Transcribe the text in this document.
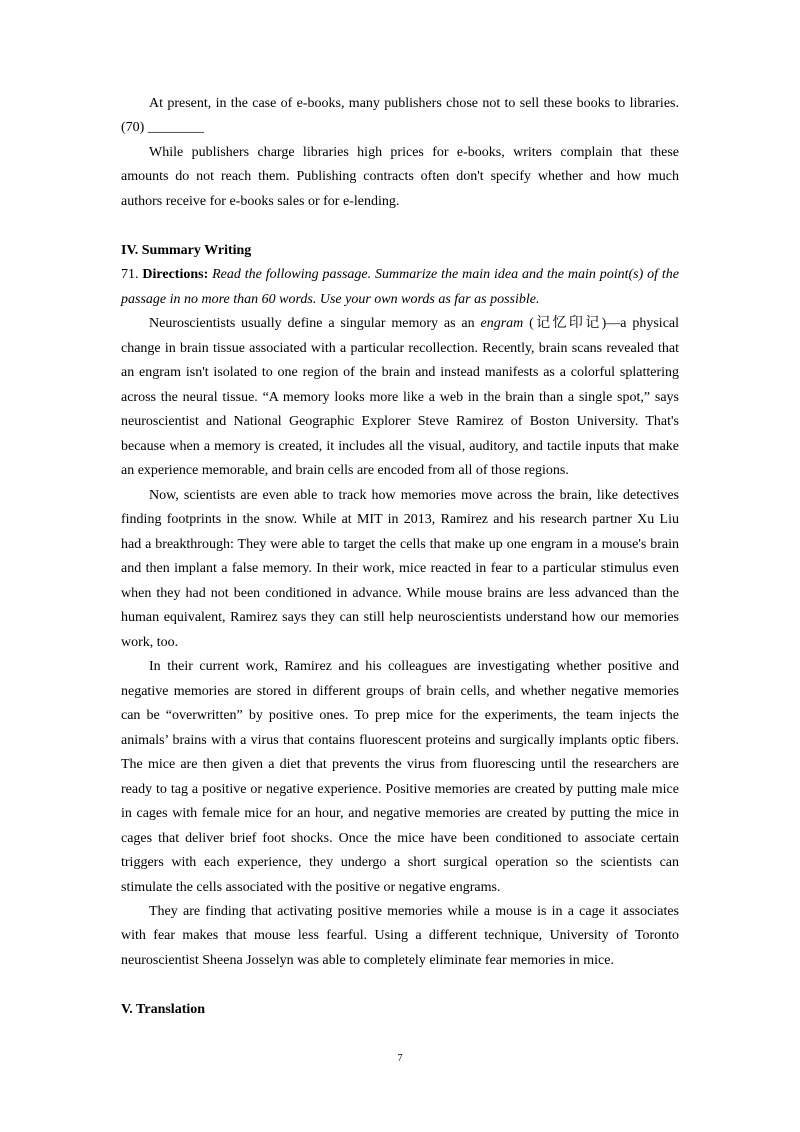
At present, in the case of e-books, many publishers chose not to sell these books to libraries.
(70) ________
While publishers charge libraries high prices for e-books, writers complain that these
amounts do not reach them. Publishing contracts often don't specify whether and how much
authors receive for e-books sales or for e-lending.
IV. Summary Writing
71. Directions: Read the following passage. Summarize the main idea and the main point(s) of the
passage in no more than 60 words. Use your own words as far as possible.
Neuroscientists usually define a singular memory as an engram (记忆印记)—a physical
change in brain tissue associated with a particular recollection. Recently, brain scans revealed that
an engram isn't isolated to one region of the brain and instead manifests as a colorful splattering
across the neural tissue. “A memory looks more like a web in the brain than a single spot,” says
neuroscientist and National Geographic Explorer Steve Ramirez of Boston University. That's
because when a memory is created, it includes all the visual, auditory, and tactile inputs that make
an experience memorable, and brain cells are encoded from all of those regions.
Now, scientists are even able to track how memories move across the brain, like detectives
finding footprints in the snow. While at MIT in 2013, Ramirez and his research partner Xu Liu
had a breakthrough: They were able to target the cells that make up one engram in a mouse's brain
and then implant a false memory. In their work, mice reacted in fear to a particular stimulus even
when they had not been conditioned in advance. While mouse brains are less advanced than the
human equivalent, Ramirez says they can still help neuroscientists understand how our memories
work, too.
In their current work, Ramirez and his colleagues are investigating whether positive and
negative memories are stored in different groups of brain cells, and whether negative memories
can be “overwritten” by positive ones. To prep mice for the experiments, the team injects the
animals’ brains with a virus that contains fluorescent proteins and surgically implants optic fibers.
The mice are then given a diet that prevents the virus from fluorescing until the researchers are
ready to tag a positive or negative experience. Positive memories are created by putting male mice
in cages with female mice for an hour, and negative memories are created by putting the mice in
cages that deliver brief foot shocks. Once the mice have been conditioned to associate certain
triggers with each experience, they undergo a short surgical operation so the scientists can
stimulate the cells associated with the positive or negative engrams.
They are finding that activating positive memories while a mouse is in a cage it associates
with fear makes that mouse less fearful. Using a different technique, University of Toronto
neuroscientist Sheena Josselyn was able to completely eliminate fear memories in mice.
V. Translation
7
